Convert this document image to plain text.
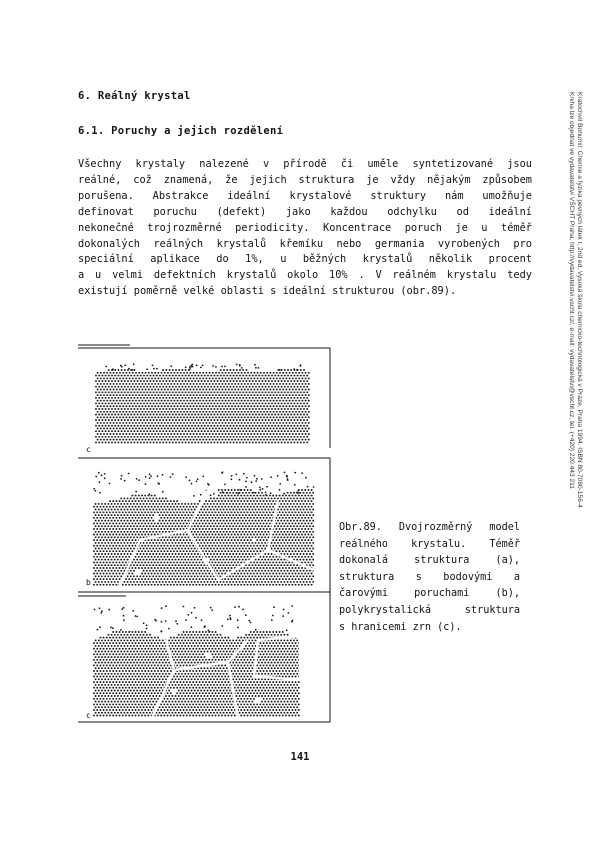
6. Reálný krystal
6.1. Poruchy a jejich rozdělení
Všechny krystaly nalezené v přírodě či uměle syntetizované jsou
reálné, což znamená, že jejich struktura je vždy nějakým způsobem
porušena. Abstrakce ideální krystalové struktury nám umožňuje
definovat poruchu (defekt) jako každou odchylku od ideální
nekonečné trojrozměrné periodicity. Koncentrace poruch je u téměř
dokonalých reálných krystalů křemíku nebo germania vyrobených pro
speciální aplikace do 1%, u běžných krystalů několik procent
a u velmi defektních krystalů okolo 10% . V reálném krystalu tedy
existují poměrně velké oblasti s ideální strukturou (obr.89).
c
b
c
Obr.89. Dvojrozměrný model
reálného krystalu. Téměř
dokonalá struktura (a),
struktura s bodovými a
čarovými poruchami (b),
polykrystalická struktura
s hranicemi zrn (c).
141
Kratochvíl Bohumil: Chemie a fyzika pevných látek I, 2nd ed. Vysoká škola chemicko-technologická v Praze, Praha 1994. ISBN 80-7080-156-4
Kniha lze objednat ve vydavatelství VŠCHT Praha, http://vydavatelstvi.vscht.cz/, e-mail: vydavatelstvi@vscht.cz, tel. (+420) 220 443 211
